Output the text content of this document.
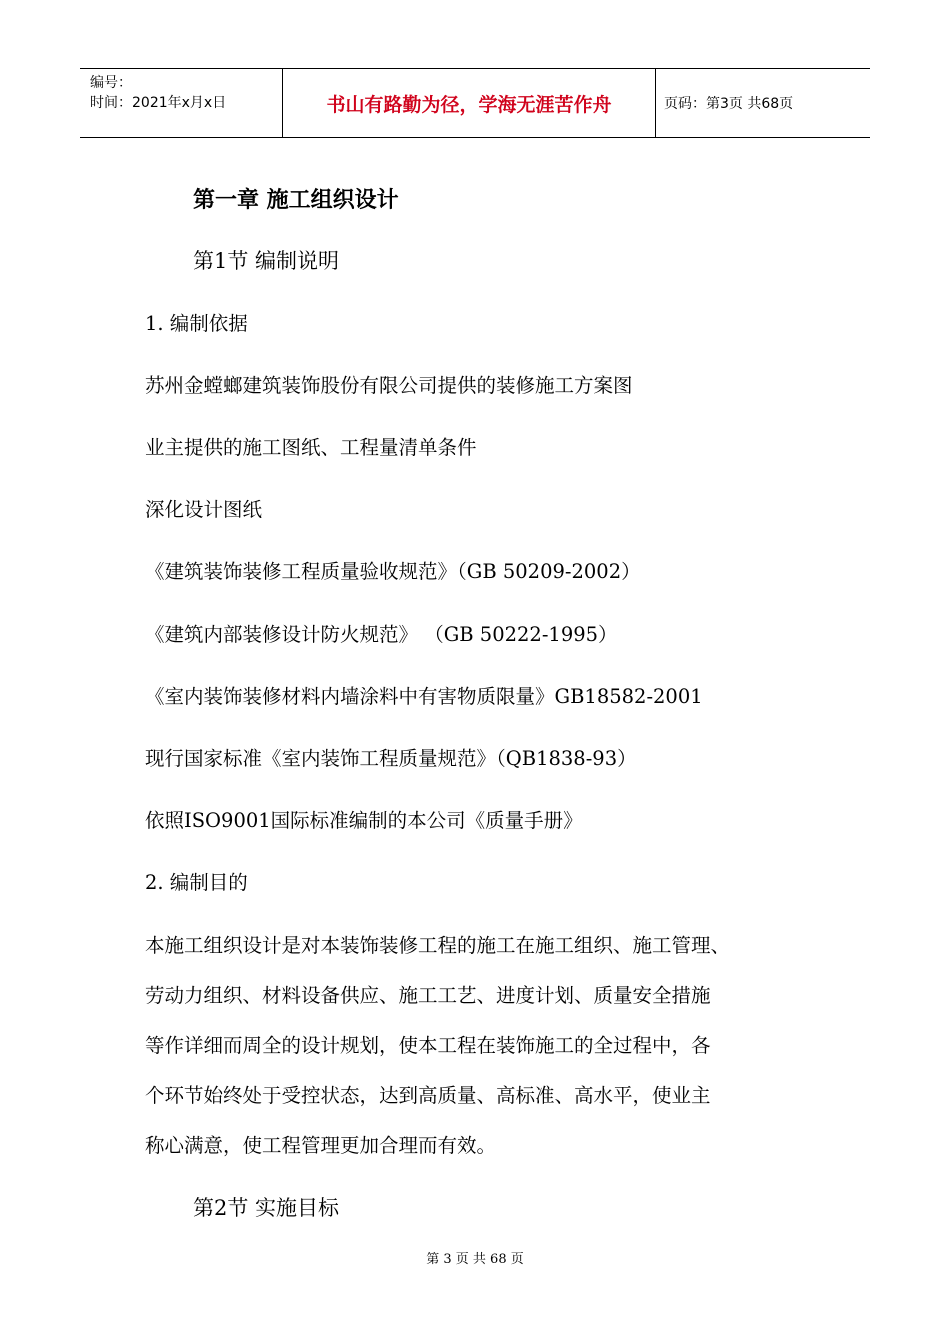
编号：
时间：2021年x月x日	书山有路勤为径，学海无涯苦作舟	页码：第3页 共68页
第一章 施工组织设计
第1节 编制说明
1. 编制依据
苏州金螳螂建筑装饰股份有限公司提供的装修施工方案图
业主提供的施工图纸、工程量清单条件
深化设计图纸
《建筑装饰装修工程质量验收规范》（GB 50209-2002）
《建筑内部装修设计防火规范》 （GB 50222-1995）
《室内装饰装修材料内墙涂料中有害物质限量》GB18582-2001
现行国家标准《室内装饰工程质量规范》（QB1838-93）
依照ISO9001国际标准编制的本公司《质量手册》
2. 编制目的
本施工组织设计是对本装饰装修工程的施工在施工组织、施工管理、
劳动力组织、材料设备供应、施工工艺、进度计划、质量安全措施
等作详细而周全的设计规划，使本工程在装饰施工的全过程中，各
个环节始终处于受控状态，达到高质量、高标准、高水平，使业主
称心满意，使工程管理更加合理而有效。
第2节 实施目标
第 3 页 共 68 页
